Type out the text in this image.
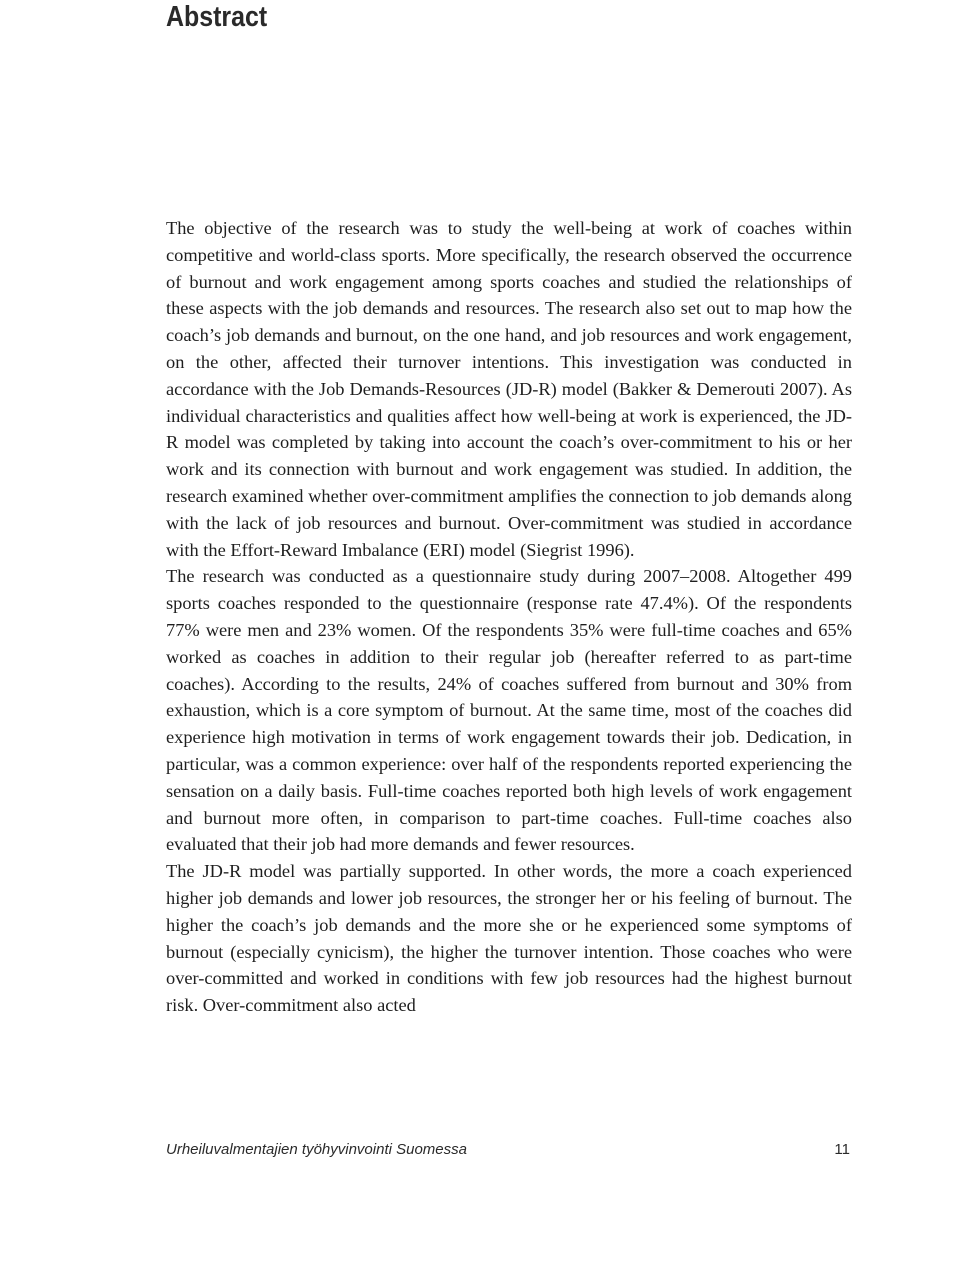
Abstract

The objective of the research was to study the well-being at work of coaches within competitive and world-class sports. More specifically, the research observed the occurrence of burnout and work engagement among sports coaches and studied the relationships of these aspects with the job demands and resources. The research also set out to map how the coach’s job demands and burnout, on the one hand, and job resources and work engagement, on the other, affected their turnover intentions. This investigation was conducted in accordance with the Job Demands-Resources (JD-R) model (Bakker & Demerouti 2007). As individual characteristics and qualities affect how well-being at work is experienced, the JD-R model was completed by taking into account the coach’s over-commitment to his or her work and its connection with burnout and work engagement was studied. In addition, the research examined whether over-commitment amplifies the connection to job demands along with the lack of job resources and burnout. Over-commitment was studied in accordance with the Effort-Reward Imbalance (ERI) model (Siegrist 1996).

The research was conducted as a questionnaire study during 2007–2008. Altogether 499 sports coaches responded to the questionnaire (response rate 47.4%). Of the respondents 77% were men and 23% women. Of the respondents 35% were full-time coaches and 65% worked as coaches in addition to their regular job (hereafter referred to as part-time coaches). According to the results, 24% of coaches suffered from burnout and 30% from exhaustion, which is a core symptom of burnout. At the same time, most of the coaches did experience high motivation in terms of work engagement towards their job. Dedication, in particular, was a common experience: over half of the respondents reported experiencing the sensation on a daily basis. Full-time coaches reported both high levels of work engagement and burnout more often, in comparison to part-time coaches. Full-time coaches also evaluated that their job had more demands and fewer resources.

The JD-R model was partially supported. In other words, the more a coach experienced higher job demands and lower job resources, the stronger her or his feeling of burnout. The higher the coach’s job demands and the more she or he experienced some symptoms of burnout (especially cynicism), the higher the turnover intention. Those coaches who were over-committed and worked in conditions with few job resources had the highest burnout risk. Over-commitment also acted

Urheiluvalmentajien työhyvinvointi Suomessa	11
